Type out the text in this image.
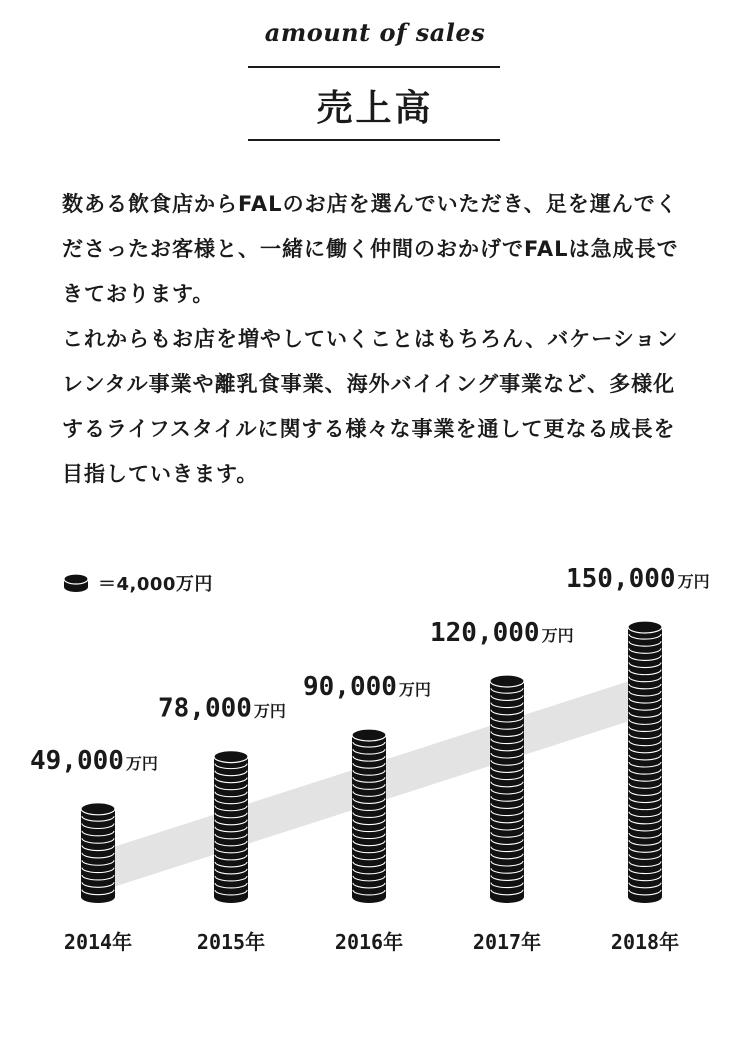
amount of sales
売上高

数ある飲食店からFALのお店を選んでいただき、足を運んでくださったお客様と、一緒に働く仲間のおかげでFALは急成長できております。

これからもお店を増やしていくことはもちろん、バケーションレンタル事業や離乳食事業、海外バイイング事業など、多様化するライフスタイルに関する様々な事業を通して更なる成長を目指していきます。

＝4,000万円
49,000 万円
2014年
78,000 万円
2015年
90,000 万円
2016年
120,000 万円
2017年
150,000 万円
2018年
